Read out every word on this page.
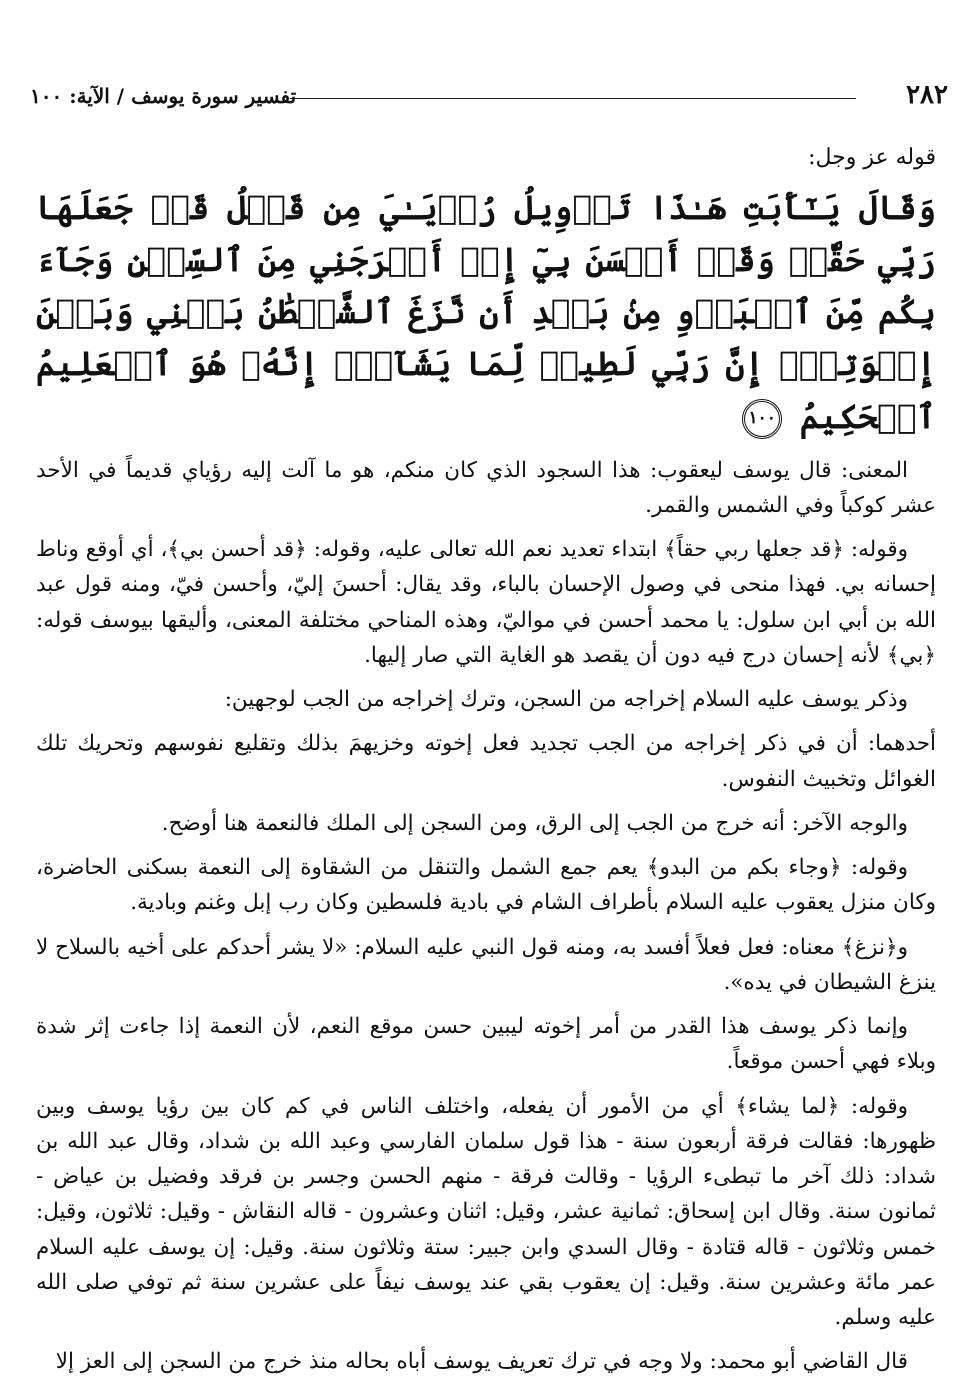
٢٨٢
تفسير سورة يوسف / الآية: ١٠٠

قوله عز وجل:

وَقَالَ يَـٰٓأَبَتِ هَـٰذَا تَأۡوِيلُ رُءۡيَـٰيَ مِن قَبۡلُ قَدۡ جَعَلَهَا رَبِّي حَقّٗاۖ وَقَدۡ أَحۡسَنَ بِيٓ إِذۡ أَخۡرَجَنِي مِنَ ٱلسِّجۡنِ وَجَآءَ بِكُم مِّنَ ٱلۡبَدۡوِ مِنۢ بَعۡدِ أَن نَّزَغَ ٱلشَّيۡطَٰنُ بَيۡنِي وَبَيۡنَ إِخۡوَتِيٓۚ إِنَّ رَبِّي لَطِيفٞ لِّمَا يَشَآءُۚ إِنَّهُۥ هُوَ ٱلۡعَلِيمُ ٱلۡحَكِيمُ ١٠٠

المعنى: قال يوسف ليعقوب: هذا السجود الذي كان منكم، هو ما آلت إليه رؤياي قديماً في الأحد عشر كوكباً وفي الشمس والقمر.

وقوله: ﴿قد جعلها ربي حقاً﴾ ابتداء تعديد نعم الله تعالى عليه، وقوله: ﴿قد أحسن بي﴾، أي أوقع وناط إحسانه بي. فهذا منحى في وصول الإحسان بالباء، وقد يقال: أحسنَ إليّ، وأحسن فيّ، ومنه قول عبد الله بن أبي ابن سلول: يا محمد أحسن في مواليّ، وهذه المناحي مختلفة المعنى، وأليقها بيوسف قوله: ﴿بي﴾ لأنه إحسان درج فيه دون أن يقصد هو الغاية التي صار إليها.

وذكر يوسف عليه السلام إخراجه من السجن، وترك إخراجه من الجب لوجهين:

أحدهما: أن في ذكر إخراجه من الجب تجديد فعل إخوته وخزيهمَ بذلك وتقليع نفوسهم وتحريك تلك الغوائل وتخبيث النفوس.

والوجه الآخر: أنه خرج من الجب إلى الرق، ومن السجن إلى الملك فالنعمة هنا أوضح.

وقوله: ﴿وجاء بكم من البدو﴾ يعم جمع الشمل والتنقل من الشقاوة إلى النعمة بسكنى الحاضرة، وكان منزل يعقوب عليه السلام بأطراف الشام في بادية فلسطين وكان رب إبل وغنم وبادية.

و﴿نزغ﴾ معناه: فعل فعلاً أفسد به، ومنه قول النبي عليه السلام: «لا يشر أحدكم على أخيه بالسلاح لا ينزغ الشيطان في يده».

وإنما ذكر يوسف هذا القدر من أمر إخوته ليبين حسن موقع النعم، لأن النعمة إذا جاءت إثر شدة وبلاء فهي أحسن موقعاً.

وقوله: ﴿لما يشاء﴾ أي من الأمور أن يفعله، واختلف الناس في كم كان بين رؤيا يوسف وبين ظهورها: فقالت فرقة أربعون سنة - هذا قول سلمان الفارسي وعبد الله بن شداد، وقال عبد الله بن شداد: ذلك آخر ما تبطىء الرؤيا - وقالت فرقة - منهم الحسن وجسر بن فرقد وفضيل بن عياض - ثمانون سنة. وقال ابن إسحاق: ثمانية عشر، وقيل: اثنان وعشرون - قاله النقاش - وقيل: ثلاثون، وقيل: خمس وثلاثون - قاله قتادة - وقال السدي وابن جبير: ستة وثلاثون سنة. وقيل: إن يوسف عليه السلام عمر مائة وعشرين سنة. وقيل: إن يعقوب بقي عند يوسف نيفاً على عشرين سنة ثم توفي صلى الله عليه وسلم.

قال القاضي أبو محمد: ولا وجه في ترك تعريف يوسف أباه بحاله منذ خرج من السجن إلى العز إلا
